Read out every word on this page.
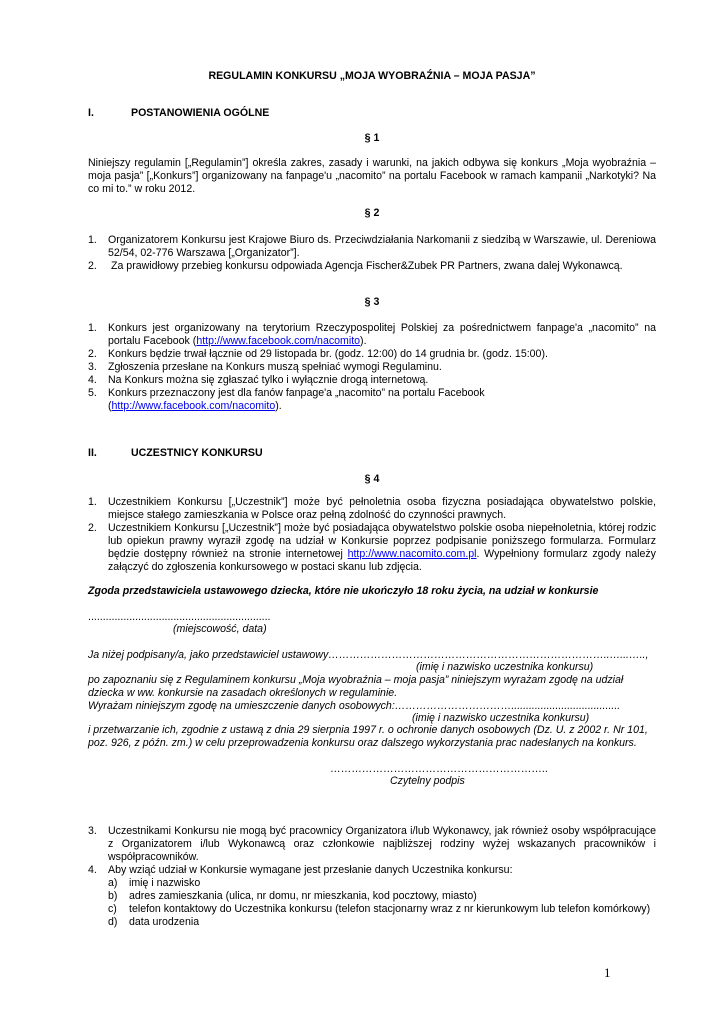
REGULAMIN KONKURSU „MOJA WYOBRAŹNIA – MOJA PASJA”
I.	POSTANOWIENIA OGÓLNE
§ 1
Niniejszy regulamin [„Regulamin”] określa zakres, zasady i warunki, na jakich odbywa się konkurs „Moja wyobraźnia – moja pasja” [„Konkurs”] organizowany na fanpage'u „nacomito” na portalu Facebook w ramach kampanii „Narkotyki? Na co mi to.” w roku 2012.
§ 2
1. Organizatorem Konkursu jest Krajowe Biuro ds. Przeciwdziałania Narkomanii z siedzibą w Warszawie, ul. Dereniowa 52/54, 02-776 Warszawa [„Organizator”].
2. Za prawidłowy przebieg konkursu odpowiada Agencja Fischer&Zubek PR Partners, zwana dalej Wykonawcą.
§ 3
1. Konkurs jest organizowany na terytorium Rzeczypospolitej Polskiej za pośrednictwem fanpage'a „nacomito” na portalu Facebook (http://www.facebook.com/nacomito).
2. Konkurs będzie trwał łącznie od 29 listopada br. (godz. 12:00) do 14 grudnia br. (godz. 15:00).
3. Zgłoszenia przesłane na Konkurs muszą spełniać wymogi Regulaminu.
4. Na Konkurs można się zgłaszać tylko i wyłącznie drogą internetową.
5. Konkurs przeznaczony jest dla fanów fanpage'a „nacomito” na portalu Facebook
(http://www.facebook.com/nacomito).
II.	UCZESTNICY KONKURSU
§ 4
1. Uczestnikiem Konkursu [„Uczestnik”] może być pełnoletnia osoba fizyczna posiadająca obywatelstwo polskie, miejsce stałego zamieszkania w Polsce oraz pełną zdolność do czynności prawnych.
2. Uczestnikiem Konkursu [„Uczestnik”] może być posiadająca obywatelstwo polskie osoba niepełnoletnia, której rodzic lub opiekun prawny wyraził zgodę na udział w Konkursie poprzez podpisanie poniższego formularza. Formularz będzie dostępny również na stronie internetowej http://www.nacomito.com.pl. Wypełniony formularz zgody należy załączyć do zgłoszenia konkursowego w postaci skanu lub zdjęcia.
Zgoda przedstawiciela ustawowego dziecka, które nie ukończyło 18 roku życia, na udział w konkursie
..............................................................
(miejscowość, data)
Ja niżej podpisany/a, jako przedstawiciel ustawowy……………………………………………………………………..…...…..,
(imię i nazwisko uczestnika konkursu)
po zapoznaniu się z Regulaminem konkursu „Moja wyobraźnia – moja pasja” niniejszym wyrażam zgodę na udział dziecka w ww. konkursie na zasadach określonych w regulaminie.
Wyrażam niniejszym zgodę na umieszczenie danych osobowych:…………………………….....................................
(imię i nazwisko uczestnika konkursu)
i przetwarzanie ich, zgodnie z ustawą z dnia 29 sierpnia 1997 r. o ochronie danych osobowych (Dz. U. z 2002 r. Nr 101, poz. 926, z późn. zm.) w celu przeprowadzenia konkursu oraz dalszego wykorzystania prac nadesłanych na konkurs.
……………………………………………………..
Czytelny podpis
3. Uczestnikami Konkursu nie mogą być pracownicy Organizatora i/lub Wykonawcy, jak również osoby współpracujące z Organizatorem i/lub Wykonawcą oraz członkowie najbliższej rodziny wyżej wskazanych pracowników i współpracowników.
4. Aby wziąć udział w Konkursie wymagane jest przesłanie danych Uczestnika konkursu:
a) imię i nazwisko
b) adres zamieszkania (ulica, nr domu, nr mieszkania, kod pocztowy, miasto)
c) telefon kontaktowy do Uczestnika konkursu (telefon stacjonarny wraz z nr kierunkowym lub telefon komórkowy)
d) data urodzenia
1
